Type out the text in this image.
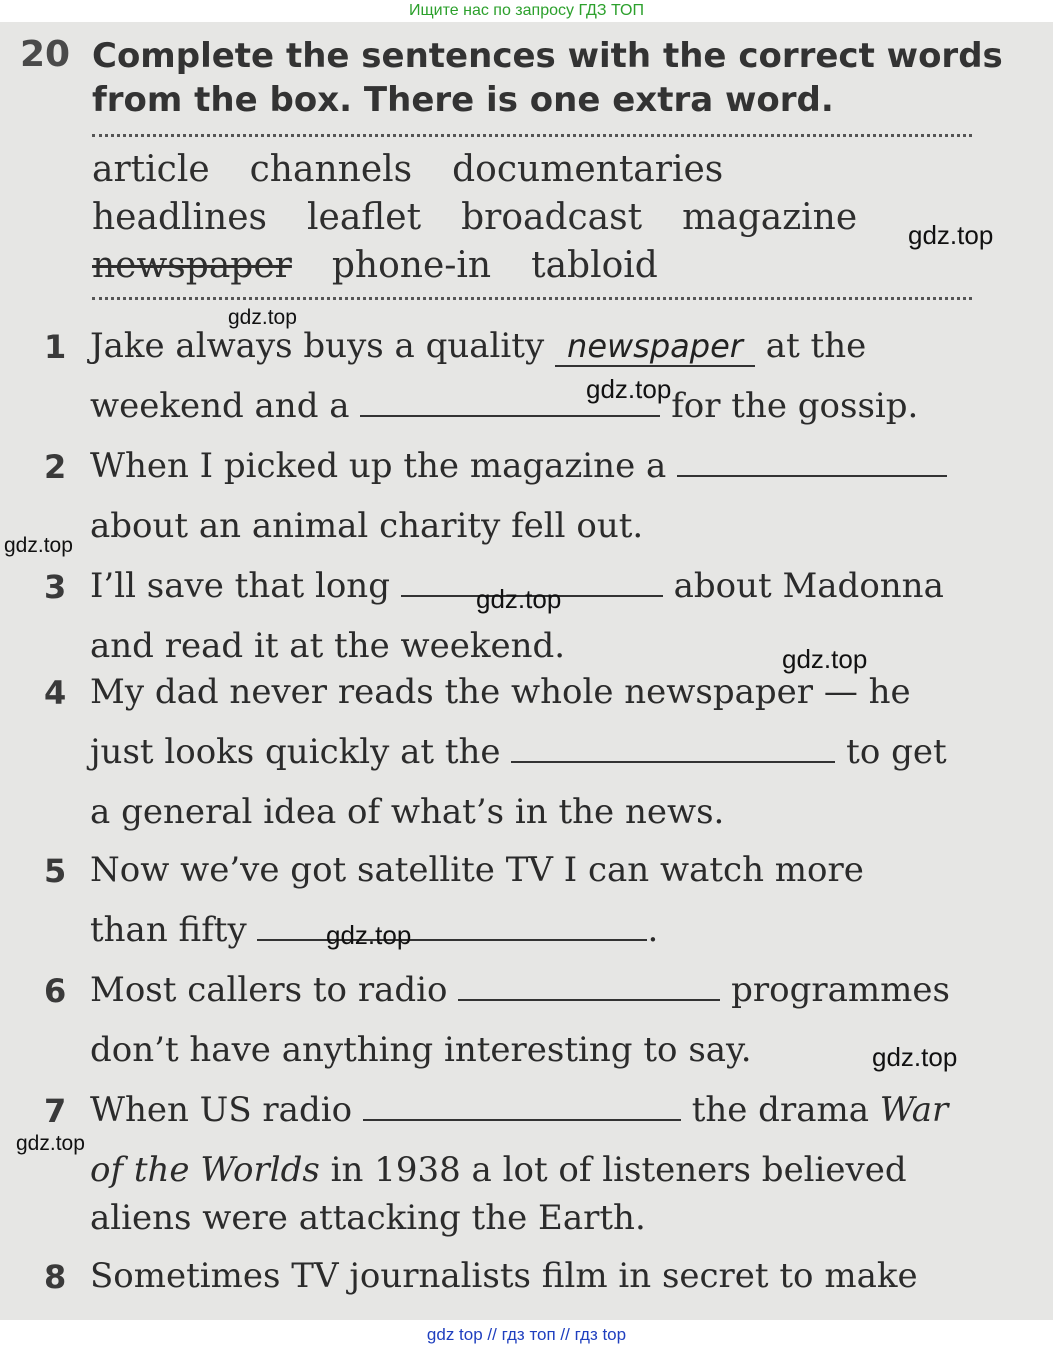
Ищите нас по запросу ГДЗ ТОП
20 Complete the sentences with the correct words
from the box. There is one extra word.
article channels documentaries
headlines leaflet broadcast magazine
newspaper phone-in tabloid
1 Jake always buys a quality newspaper at the
weekend and a	for the gossip.
2 When I picked up the magazine a
about an animal charity fell out.
3 I’ll save that long	about Madonna
and read it at the weekend.
4 My dad never reads the whole newspaper — he
just looks quickly at the	to get
a general idea of what’s in the news.
5 Now we’ve got satellite TV I can watch more
than fifty	.
6 Most callers to radio	programmes
don’t have anything interesting to say.
7 When US radio	the drama War
of the Worlds in 1938 a lot of listeners believed
aliens were attacking the Earth.
8 Sometimes TV journalists film in secret to make
gdz.top
gdz.top
gdz.top
gdz.top
gdz.top
gdz.top
gdz.top
gdz.top
gdz.top
gdz top // гдз топ // гдз top
